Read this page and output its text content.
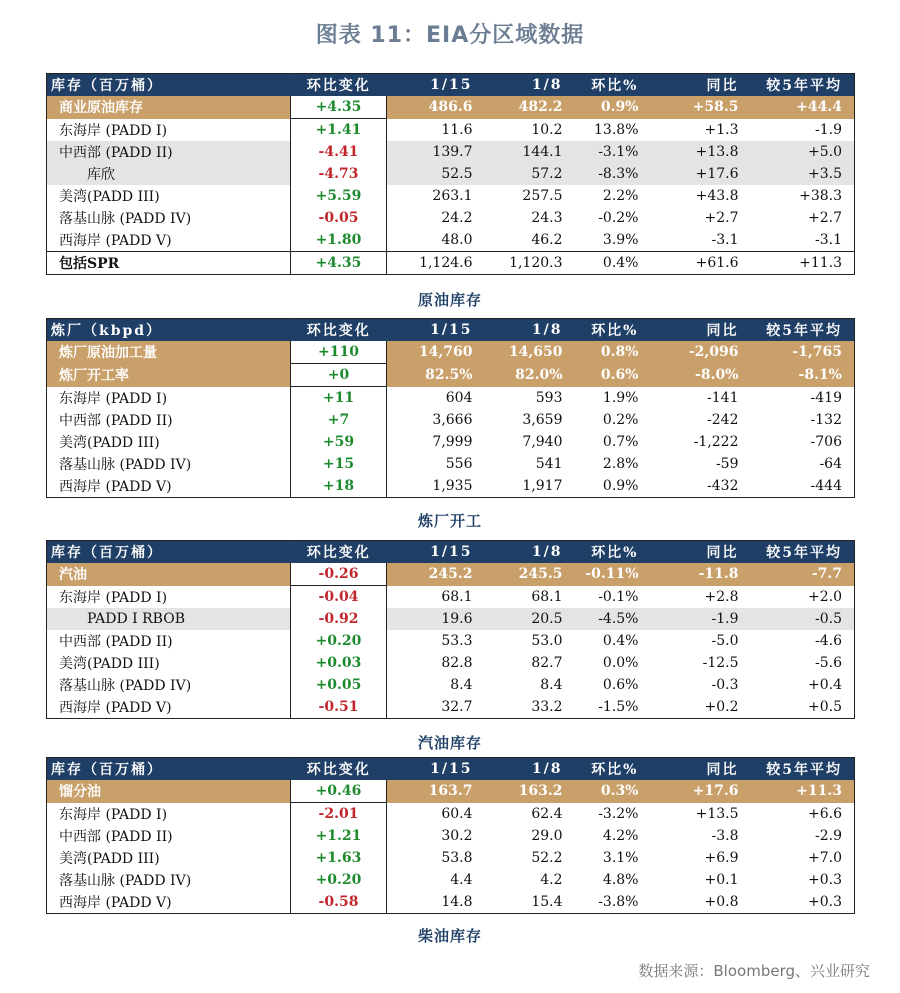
图表 11：EIA分区域数据
库存（百万桶）	环比变化	1/15	1/8	环比%	同比	较5年平均
商业原油库存	+4.35	486.6	482.2	0.9%	+58.5	+44.4
东海岸 (PADD I)	+1.41	11.6	10.2	13.8%	+1.3	-1.9
中西部 (PADD II)	-4.41	139.7	144.1	-3.1%	+13.8	+5.0
库欣	-4.73	52.5	57.2	-8.3%	+17.6	+3.5
美湾(PADD III)	+5.59	263.1	257.5	2.2%	+43.8	+38.3
落基山脉 (PADD IV)	-0.05	24.2	24.3	-0.2%	+2.7	+2.7
西海岸 (PADD V)	+1.80	48.0	46.2	3.9%	-3.1	-3.1
包括SPR	+4.35	1,124.6	1,120.3	0.4%	+61.6	+11.3
原油库存
炼厂（kbpd）	环比变化	1/15	1/8	环比%	同比	较5年平均
炼厂原油加工量	+110	14,760	14,650	0.8%	-2,096	-1,765
炼厂开工率	+0	82.5%	82.0%	0.6%	-8.0%	-8.1%
东海岸 (PADD I)	+11	604	593	1.9%	-141	-419
中西部 (PADD II)	+7	3,666	3,659	0.2%	-242	-132
美湾(PADD III)	+59	7,999	7,940	0.7%	-1,222	-706
落基山脉 (PADD IV)	+15	556	541	2.8%	-59	-64
西海岸 (PADD V)	+18	1,935	1,917	0.9%	-432	-444
炼厂开工
库存（百万桶）	环比变化	1/15	1/8	环比%	同比	较5年平均
汽油	-0.26	245.2	245.5	-0.11%	-11.8	-7.7
东海岸 (PADD I)	-0.04	68.1	68.1	-0.1%	+2.8	+2.0
PADD I RBOB	-0.92	19.6	20.5	-4.5%	-1.9	-0.5
中西部 (PADD II)	+0.20	53.3	53.0	0.4%	-5.0	-4.6
美湾(PADD III)	+0.03	82.8	82.7	0.0%	-12.5	-5.6
落基山脉 (PADD IV)	+0.05	8.4	8.4	0.6%	-0.3	+0.4
西海岸 (PADD V)	-0.51	32.7	33.2	-1.5%	+0.2	+0.5
汽油库存
库存（百万桶）	环比变化	1/15	1/8	环比%	同比	较5年平均
馏分油	+0.46	163.7	163.2	0.3%	+17.6	+11.3
东海岸 (PADD I)	-2.01	60.4	62.4	-3.2%	+13.5	+6.6
中西部 (PADD II)	+1.21	30.2	29.0	4.2%	-3.8	-2.9
美湾(PADD III)	+1.63	53.8	52.2	3.1%	+6.9	+7.0
落基山脉 (PADD IV)	+0.20	4.4	4.2	4.8%	+0.1	+0.3
西海岸 (PADD V)	-0.58	14.8	15.4	-3.8%	+0.8	+0.3
柴油库存
数据来源：Bloomberg、兴业研究
